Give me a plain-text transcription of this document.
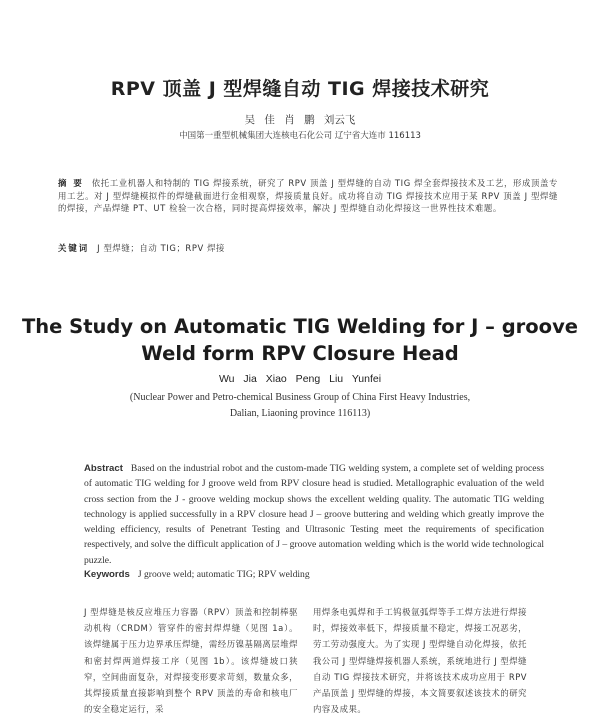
RPV 顶盖 J 型焊缝自动 TIG 焊接技术研究
吴 佳 肖 鹏 刘云飞
中国第一重型机械集团大连核电石化公司 辽宁省大连市 116113
摘 要 依托工业机器人和特制的 TIG 焊接系统，研究了 RPV 顶盖 J 型焊缝的自动 TIG 焊全套焊接技术及工艺，形成顶盖专用工艺。对 J 型焊缝模拟件的焊缝截面进行金相观察，焊接质量良好。成功将自动 TIG 焊接技术应用于某 RPV 顶盖 J 型焊缝的焊接，产品焊缝 PT、UT 检验一次合格，同时提高焊接效率，解决 J 型焊缝自动化焊接这一世界性技术难题。
关键词 J 型焊缝；自动 TIG；RPV 焊接
The Study on Automatic TIG Welding for J – groove
Weld form RPV Closure Head
Wu Jia Xiao Peng Liu Yunfei
(Nuclear Power and Petro-chemical Business Group of China First Heavy Industries,
Dalian, Liaoning province 116113)
Abstract Based on the industrial robot and the custom-made TIG welding system, a complete set of welding process of automatic TIG welding for J groove weld from RPV closure head is studied. Metallographic evaluation of the weld cross section from the J - groove welding mockup shows the excellent welding quality. The automatic TIG welding technology is applied successfully in a RPV closure head J – groove buttering and welding which greatly improve the welding efficiency, results of Penetrant Testing and Ultrasonic Testing meet the requirements of specification respectively, and solve the difficult application of J – groove automation welding which is the world wide technological puzzle.
Keywords J groove weld; automatic TIG; RPV welding
J 型焊缝是核反应堆压力容器（RPV）顶盖和控制棒驱动机构（CRDM）管穿件的密封焊焊缝（见图 1a）。该焊缝属于压力边界承压焊缝，需经历镍基隔离层堆焊和密封焊两道焊接工序（见图 1b）。该焊缝坡口狭窄，空间曲面复杂，对焊接变形要求苛刻，数量众多，其焊接质量直接影响到整个 RPV 顶盖的寿命和核电厂的安全稳定运行，采
用焊条电弧焊和手工钨极氩弧焊等手工焊方法进行焊接时，焊接效率低下，焊接质量不稳定，焊接工况恶劣，劳工劳动强度大。为了实现 J 型焊缝自动化焊接，依托我公司 J 型焊缝焊接机器人系统，系统地进行 J 型焊缝自动 TIG 焊接技术研究，并将该技术成功应用于 RPV 产品顶盖 J 型焊缝的焊接，本文简要叙述该技术的研究内容及成果。
